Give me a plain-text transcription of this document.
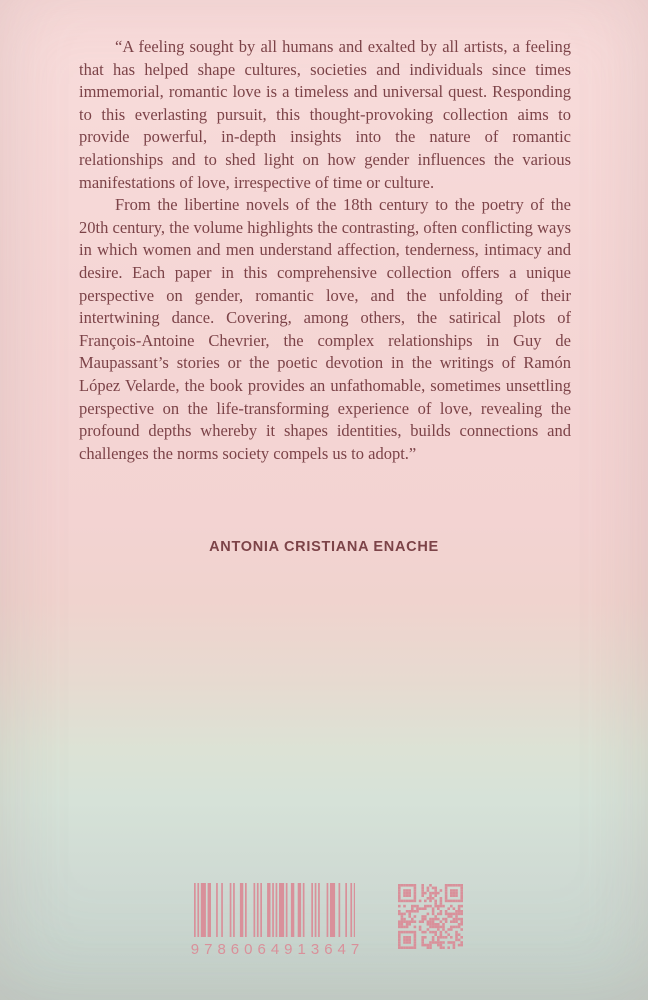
“A feeling sought by all humans and exalted by all artists, a feeling that has helped shape cultures, societies and individuals since times immemorial, romantic love is a timeless and universal quest. Responding to this everlasting pursuit, this thought-provoking collection aims to provide powerful, in-depth insights into the nature of romantic relationships and to shed light on how gender influences the various manifestations of love, irrespective of time or culture.

From the libertine novels of the 18th century to the poetry of the 20th century, the volume highlights the contrasting, often conflicting ways in which women and men understand affection, tenderness, intimacy and desire. Each paper in this comprehensive collection offers a unique perspective on gender, romantic love, and the unfolding of their intertwining dance. Covering, among others, the satirical plots of François-Antoine Chevrier, the complex relationships in Guy de Maupassant’s stories or the poetic devotion in the writings of Ramón López Velarde, the book provides an unfathomable, sometimes unsettling perspective on the life-transforming experience of love, revealing the profound depths whereby it shapes identities, builds connections and challenges the norms society compels us to adopt.”

ANTONIA CRISTIANA ENACHE
9786064913647
